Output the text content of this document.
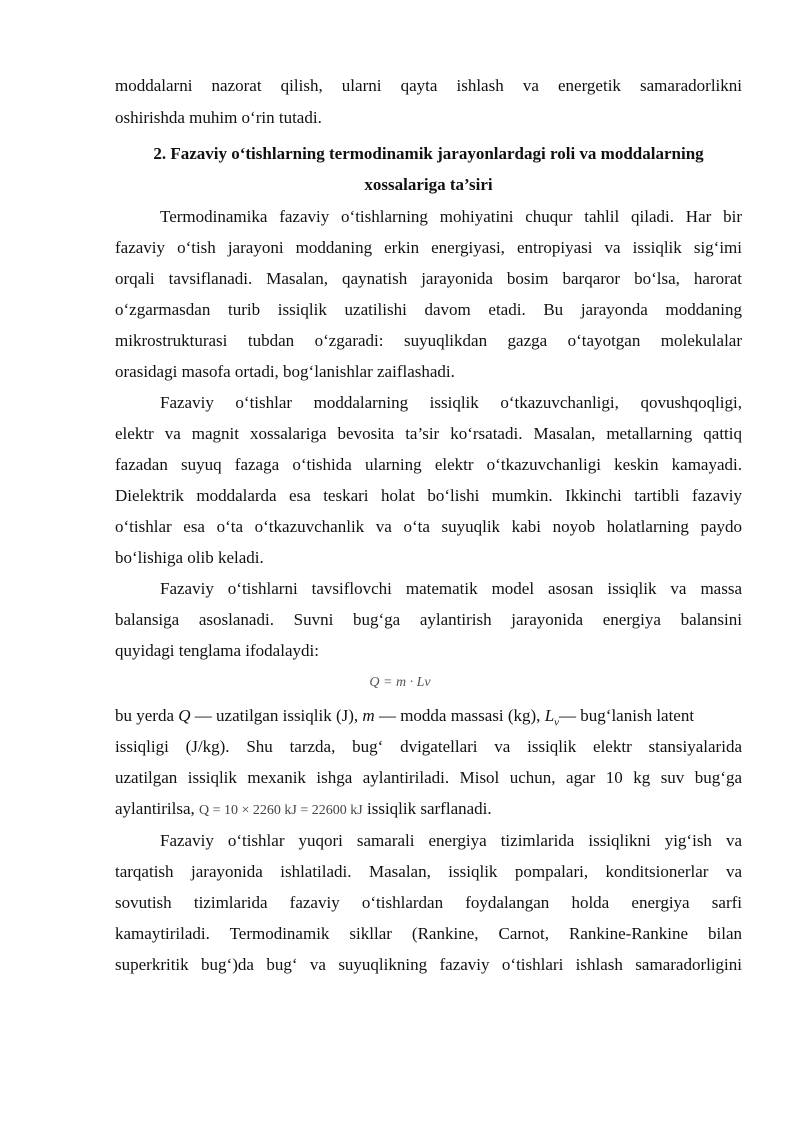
moddalarni nazorat qilish, ularni qayta ishlash va energetik samaradorlikni
oshirishda muhim o‘rin tutadi.
2. Fazaviy o‘tishlarning termodinamik jarayonlardagi roli va moddalarning
xossalariga ta’siri
Termodinamika fazaviy o‘tishlarning mohiyatini chuqur tahlil qiladi. Har bir
fazaviy o‘tish jarayoni moddaning erkin energiyasi, entropiyasi va issiqlik sig‘imi
orqali tavsiflanadi. Masalan, qaynatish jarayonida bosim barqaror bo‘lsa, harorat
o‘zgarmasdan turib issiqlik uzatilishi davom etadi. Bu jarayonda moddaning
mikrostrukturasi tubdan o‘zgaradi: suyuqlikdan gazga o‘tayotgan molekulalar
orasidagi masofa ortadi, bog‘lanishlar zaiflashadi.
Fazaviy o‘tishlar moddalarning issiqlik o‘tkazuvchanligi, qovushqoqligi,
elektr va magnit xossalariga bevosita ta’sir ko‘rsatadi. Masalan, metallarning qattiq
fazadan suyuq fazaga o‘tishida ularning elektr o‘tkazuvchanligi keskin kamayadi.
Dielektrik moddalarda esa teskari holat bo‘lishi mumkin. Ikkinchi tartibli fazaviy
o‘tishlar esa o‘ta o‘tkazuvchanlik va o‘ta suyuqlik kabi noyob holatlarning paydo
bo‘lishiga olib keladi.
Fazaviy o‘tishlarni tavsiflovchi matematik model asosan issiqlik va massa
balansiga asoslanadi. Suvni bug‘ga aylantirish jarayonida energiya balansini
quyidagi tenglama ifodalaydi:
Q = m · Lv
bu yerda Q — uzatilgan issiqlik (J), m — modda massasi (kg), $L_v—$ bug‘lanish latent
issiqligi (J/kg). Shu tarzda, bug‘ dvigatellari va issiqlik elektr stansiyalarida
uzatilgan issiqlik mexanik ishga aylantiriladi. Misol uchun, agar 10 kg suv bug‘ga
aylantirilsa, Q = 10 × 2260 kJ = 22600 kJ issiqlik sarflanadi.
Fazaviy o‘tishlar yuqori samarali energiya tizimlarida issiqlikni yig‘ish va
tarqatish jarayonida ishlatiladi. Masalan, issiqlik pompalari, konditsionerlar va
sovutish tizimlarida fazaviy o‘tishlardan foydalangan holda energiya sarfi
kamaytiriladi. Termodinamik sikllar (Rankine, Carnot, Rankine-Rankine bilan
superkritik bug‘)da bug‘ va suyuqlikning fazaviy o‘tishlari ishlash samaradorligini
